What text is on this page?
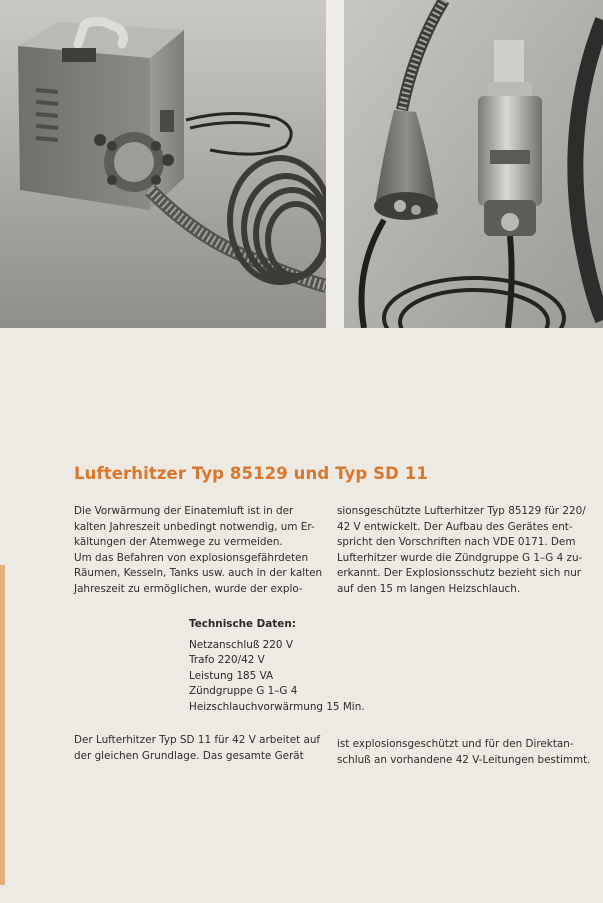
Lufterhitzer Typ 85129 und Typ SD 11
Die Vorwärmung der Einatemluft ist in der
kalten Jahreszeit unbedingt notwendig, um Er-
kältungen der Atemwege zu vermeiden.
Um das Befahren von explosionsgefährdeten
Räumen, Kesseln, Tanks usw. auch in der kalten
Jahreszeit zu ermöglichen, wurde der explo-
sionsgeschützte Lufterhitzer Typ 85129 für 220/
42 V entwickelt. Der Aufbau des Gerätes ent-
spricht den Vorschriften nach VDE 0171. Dem
Lufterhitzer wurde die Zündgruppe G 1–G 4 zu-
erkannt. Der Explosionsschutz bezieht sich nur
auf den 15 m langen Heizschlauch.
Technische Daten:
Netzanschluß 220 V
Trafo 220/42 V
Leistung 185 VA
Zündgruppe G 1–G 4
Heizschlauchvorwärmung 15 Min.
Der Lufterhitzer Typ SD 11 für 42 V arbeitet auf
der gleichen Grundlage. Das gesamte Gerät
ist explosionsgeschützt und für den Direktan-
schluß an vorhandene 42 V-Leitungen bestimmt.
